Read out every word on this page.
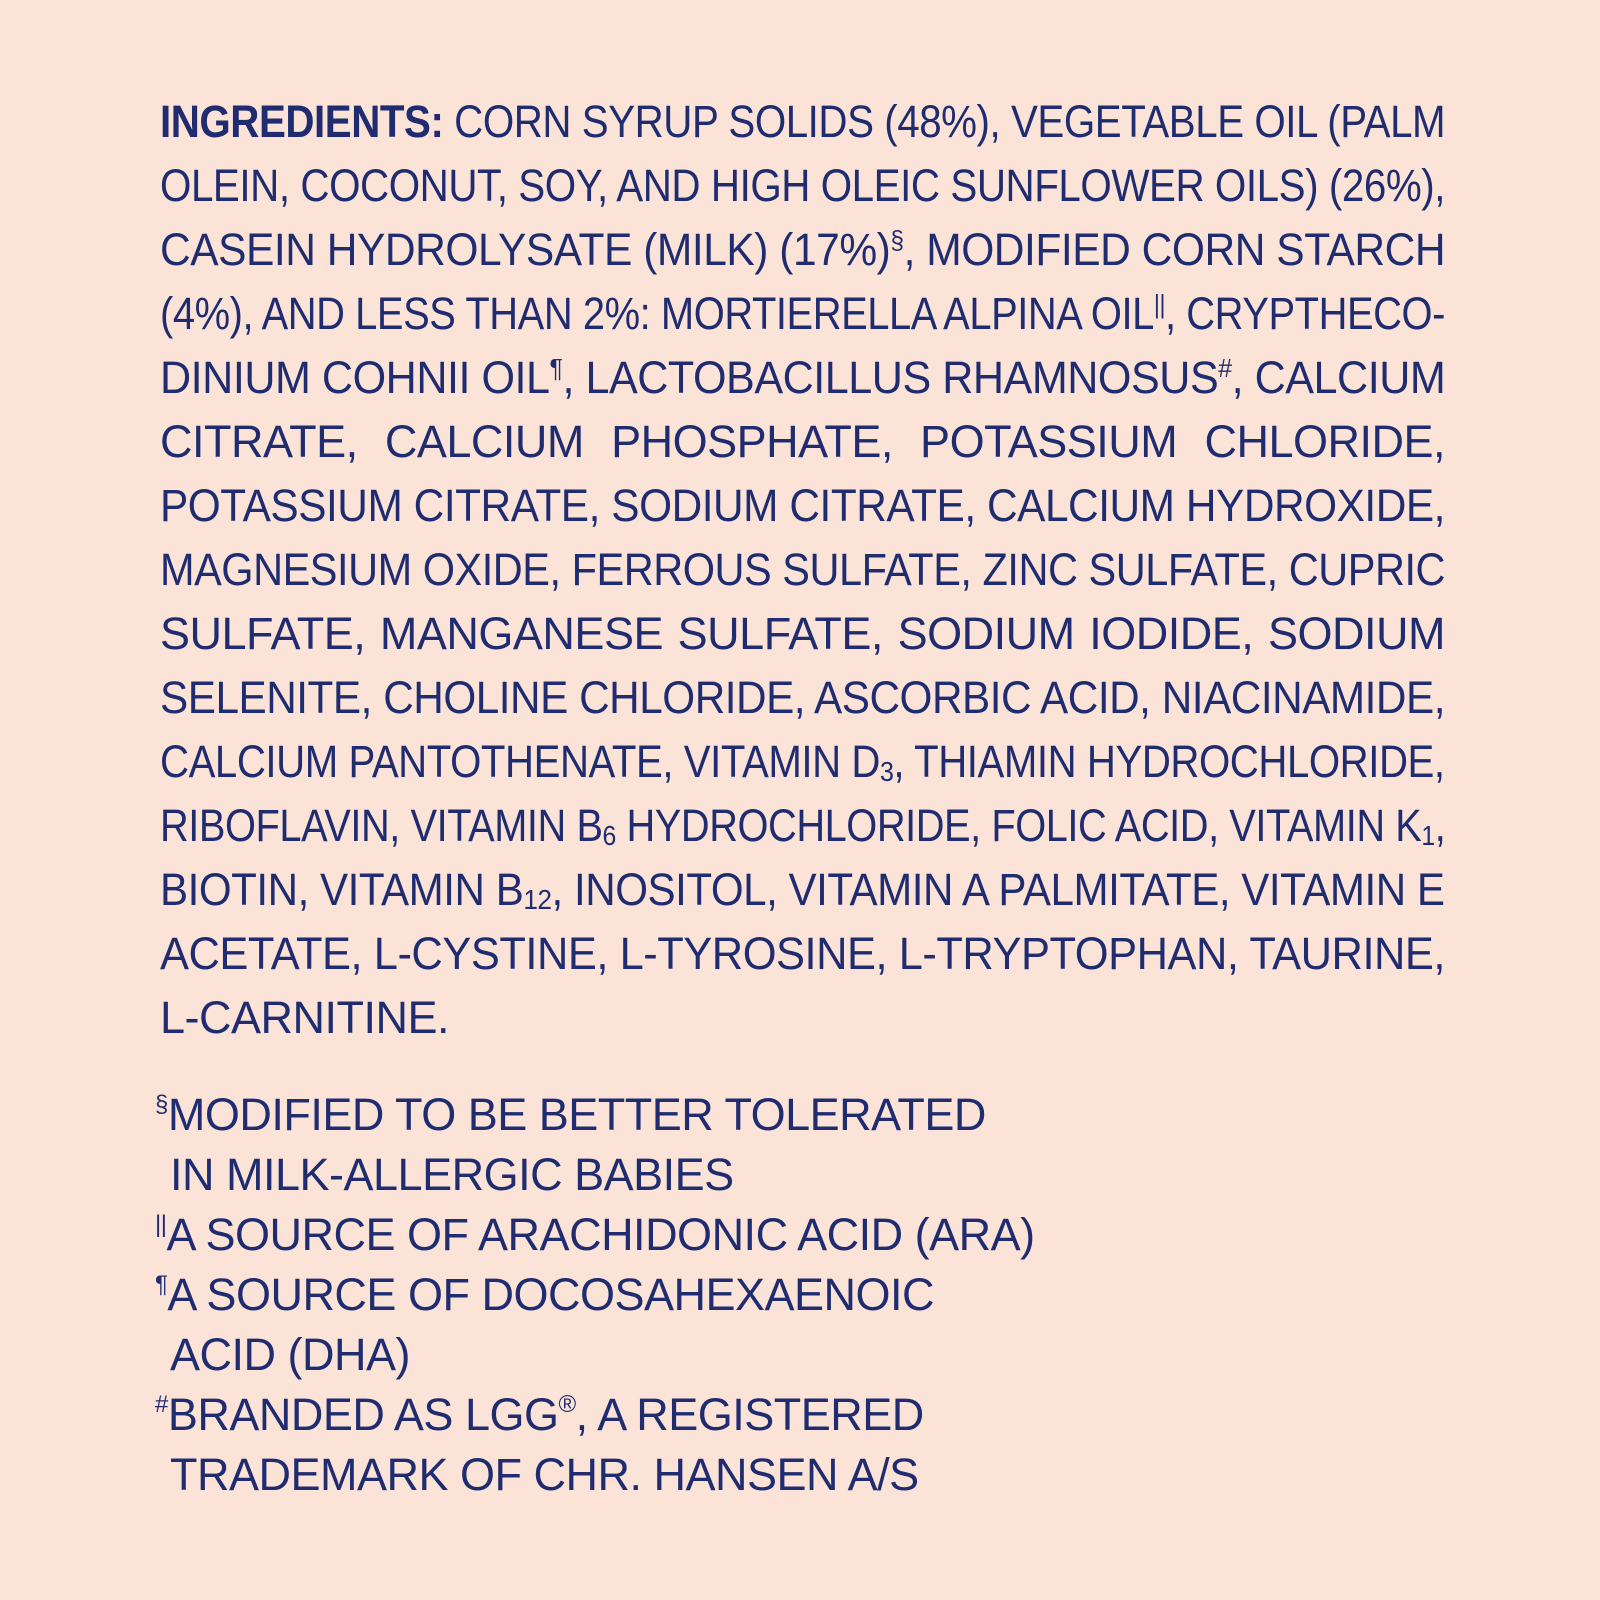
INGREDIENTS: CORN SYRUP SOLIDS (48%), VEGETABLE OIL (PALM
OLEIN, COCONUT, SOY, AND HIGH OLEIC SUNFLOWER OILS) (26%),
CASEIN HYDROLYSATE (MILK) (17%)§, MODIFIED CORN STARCH
(4%), AND LESS THAN 2%: MORTIERELLA ALPINA OIL||, CRYPTHECO-
DINIUM COHNII OIL¶, LACTOBACILLUS RHAMNOSUS#, CALCIUM
CITRATE, CALCIUM PHOSPHATE, POTASSIUM CHLORIDE,
POTASSIUM CITRATE, SODIUM CITRATE, CALCIUM HYDROXIDE,
MAGNESIUM OXIDE, FERROUS SULFATE, ZINC SULFATE, CUPRIC
SULFATE, MANGANESE SULFATE, SODIUM IODIDE, SODIUM
SELENITE, CHOLINE CHLORIDE, ASCORBIC ACID, NIACINAMIDE,
CALCIUM PANTOTHENATE, VITAMIN D3, THIAMIN HYDROCHLORIDE,
RIBOFLAVIN, VITAMIN B6 HYDROCHLORIDE, FOLIC ACID, VITAMIN K1,
BIOTIN, VITAMIN B12, INOSITOL, VITAMIN A PALMITATE, VITAMIN E
ACETATE, L-CYSTINE, L-TYROSINE, L-TRYPTOPHAN, TAURINE,
L-CARNITINE.
§MODIFIED TO BE BETTER TOLERATED
IN MILK-ALLERGIC BABIES
||A SOURCE OF ARACHIDONIC ACID (ARA)
¶A SOURCE OF DOCOSAHEXAENOIC
ACID (DHA)
#BRANDED AS LGG®, A REGISTERED
TRADEMARK OF CHR. HANSEN A/S
